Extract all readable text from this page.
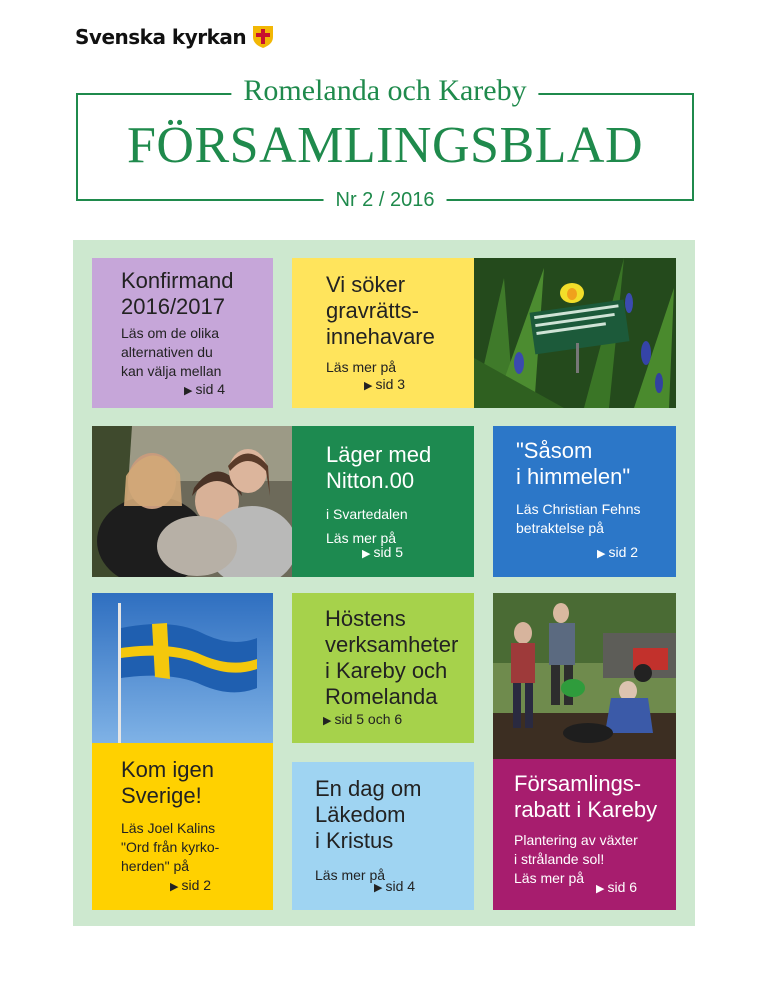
Svenska kyrkan
Romelanda och Kareby
FÖRSAMLINGSBLAD
Nr 2 / 2016
Konfirmand
2016/2017
Läs om de olika
alternativen du
kan välja mellan
▶ sid 4
Vi söker
gravrätts-
innehavare
Läs mer på
▶ sid 3
Läger med
Nitton.00
i Svartedalen
Läs mer på
▶ sid 5
"Såsom
i himmelen"
Läs Christian Fehns
betraktelse på
▶ sid 2
Höstens
verksamheter
i Kareby och
Romelanda
▶ sid 5 och 6
Kom igen
Sverige!
Läs Joel Kalins
"Ord från kyrko-
herden" på
▶ sid 2
En dag om
Läkedom
i Kristus
Läs mer på
▶ sid 4
Församlings-
rabatt i Kareby
Plantering av växter
i strålande sol!
Läs mer på
▶ sid 6
